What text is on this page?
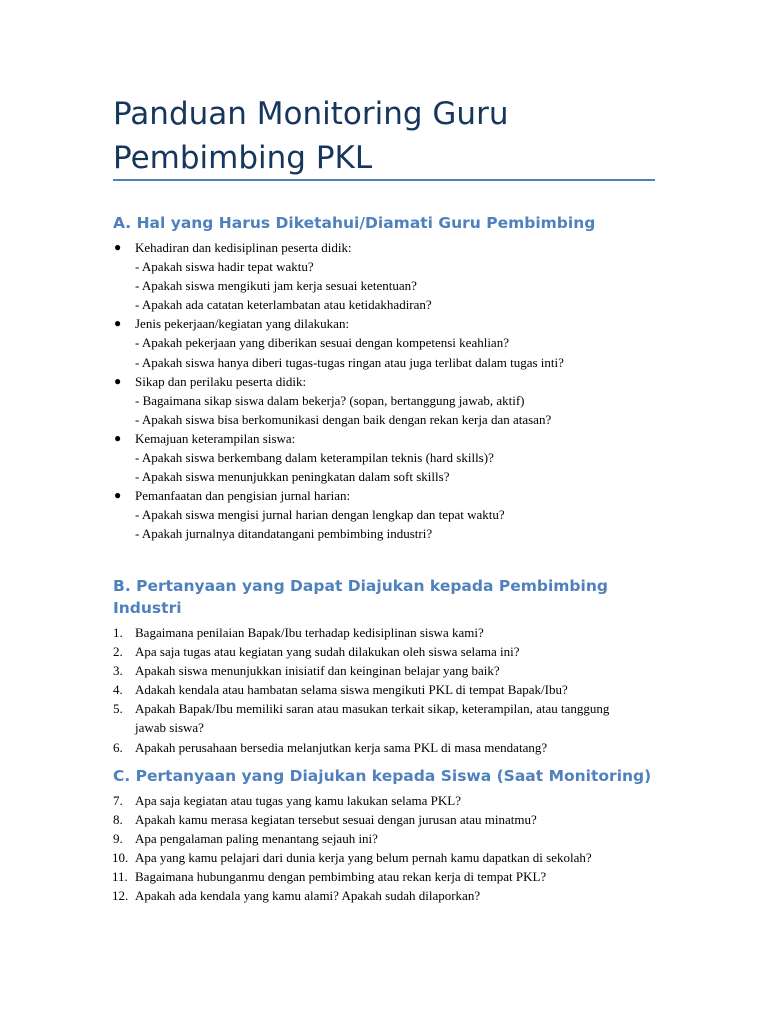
Panduan Monitoring Guru Pembimbing PKL
A. Hal yang Harus Diketahui/Diamati Guru Pembimbing
● Kehadiran dan kedisiplinan peserta didik:
- Apakah siswa hadir tepat waktu?
- Apakah siswa mengikuti jam kerja sesuai ketentuan?
- Apakah ada catatan keterlambatan atau ketidakhadiran?
● Jenis pekerjaan/kegiatan yang dilakukan:
- Apakah pekerjaan yang diberikan sesuai dengan kompetensi keahlian?
- Apakah siswa hanya diberi tugas-tugas ringan atau juga terlibat dalam tugas inti?
● Sikap dan perilaku peserta didik:
- Bagaimana sikap siswa dalam bekerja? (sopan, bertanggung jawab, aktif)
- Apakah siswa bisa berkomunikasi dengan baik dengan rekan kerja dan atasan?
● Kemajuan keterampilan siswa:
- Apakah siswa berkembang dalam keterampilan teknis (hard skills)?
- Apakah siswa menunjukkan peningkatan dalam soft skills?
● Pemanfaatan dan pengisian jurnal harian:
- Apakah siswa mengisi jurnal harian dengan lengkap dan tepat waktu?
- Apakah jurnalnya ditandatangani pembimbing industri?
B. Pertanyaan yang Dapat Diajukan kepada Pembimbing Industri
1. Bagaimana penilaian Bapak/Ibu terhadap kedisiplinan siswa kami?
2. Apa saja tugas atau kegiatan yang sudah dilakukan oleh siswa selama ini?
3. Apakah siswa menunjukkan inisiatif dan keinginan belajar yang baik?
4. Adakah kendala atau hambatan selama siswa mengikuti PKL di tempat Bapak/Ibu?
5. Apakah Bapak/Ibu memiliki saran atau masukan terkait sikap, keterampilan, atau tanggung jawab siswa?
6. Apakah perusahaan bersedia melanjutkan kerja sama PKL di masa mendatang?
C. Pertanyaan yang Diajukan kepada Siswa (Saat Monitoring)
7. Apa saja kegiatan atau tugas yang kamu lakukan selama PKL?
8. Apakah kamu merasa kegiatan tersebut sesuai dengan jurusan atau minatmu?
9. Apa pengalaman paling menantang sejauh ini?
10. Apa yang kamu pelajari dari dunia kerja yang belum pernah kamu dapatkan di sekolah?
11. Bagaimana hubunganmu dengan pembimbing atau rekan kerja di tempat PKL?
12. Apakah ada kendala yang kamu alami? Apakah sudah dilaporkan?
